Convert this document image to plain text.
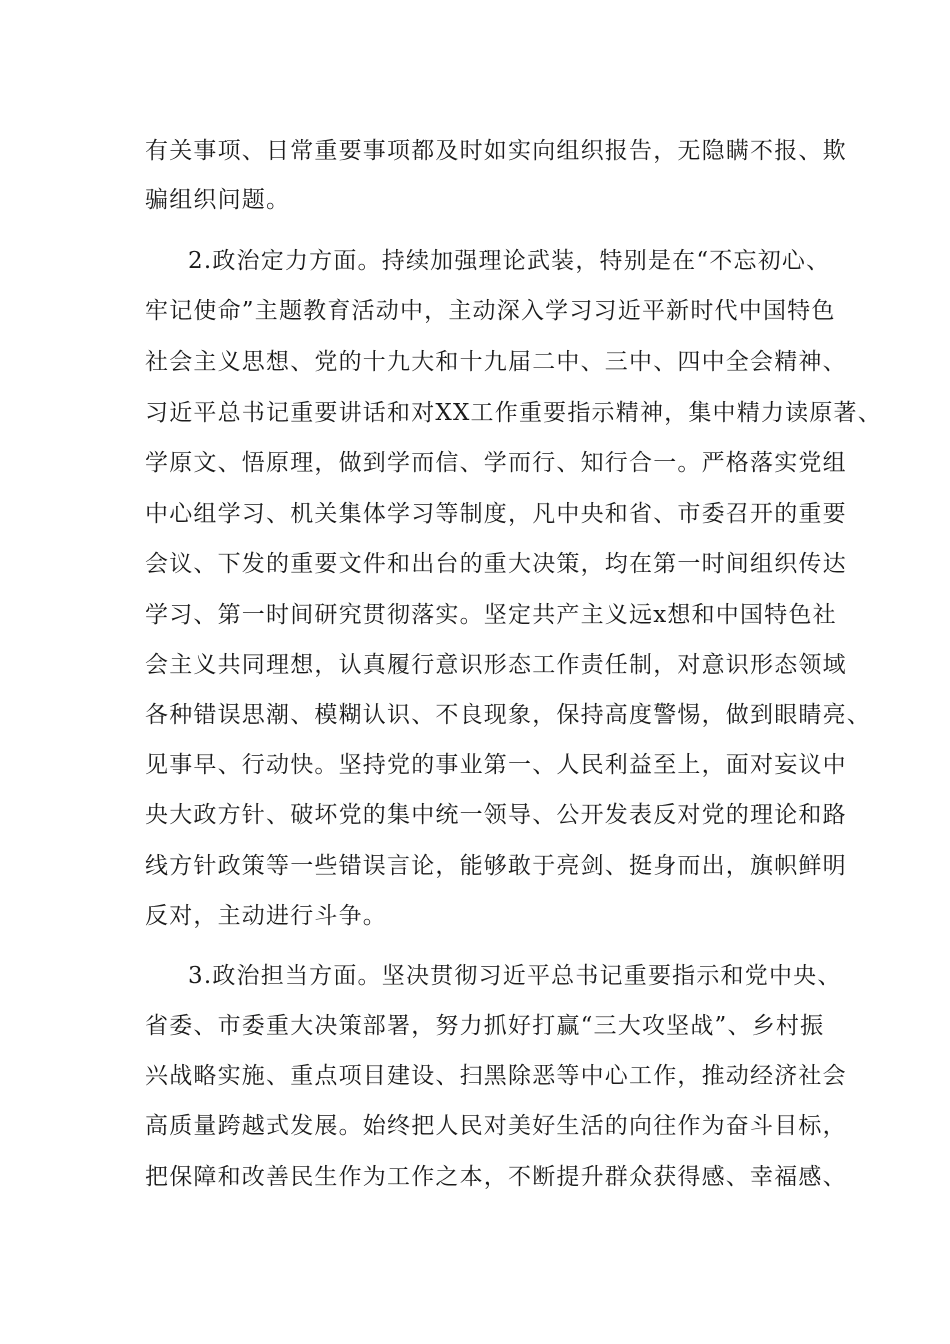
有关事项、日常重要事项都及时如实向组织报告，无隐瞒不报、欺
骗组织问题。
2.政治定力方面。持续加强理论武装，特别是在“不忘初心、
牢记使命”主题教育活动中，主动深入学习习近平新时代中国特色
社会主义思想、党的十九大和十九届二中、三中、四中全会精神、
习近平总书记重要讲话和对XX工作重要指示精神，集中精力读原著、
学原文、悟原理，做到学而信、学而行、知行合一。严格落实党组
中心组学习、机关集体学习等制度，凡中央和省、市委召开的重要
会议、下发的重要文件和出台的重大决策，均在第一时间组织传达
学习、第一时间研究贯彻落实。坚定共产主义远x想和中国特色社
会主义共同理想，认真履行意识形态工作责任制，对意识形态领域
各种错误思潮、模糊认识、不良现象，保持高度警惕，做到眼睛亮、
见事早、行动快。坚持党的事业第一、人民利益至上，面对妄议中
央大政方针、破坏党的集中统一领导、公开发表反对党的理论和路
线方针政策等一些错误言论，能够敢于亮剑、挺身而出，旗帜鲜明
反对，主动进行斗争。
3.政治担当方面。坚决贯彻习近平总书记重要指示和党中央、
省委、市委重大决策部署，努力抓好打赢“三大攻坚战”、乡村振
兴战略实施、重点项目建设、扫黑除恶等中心工作，推动经济社会
高质量跨越式发展。始终把人民对美好生活的向往作为奋斗目标，
把保障和改善民生作为工作之本，不断提升群众获得感、幸福感、
